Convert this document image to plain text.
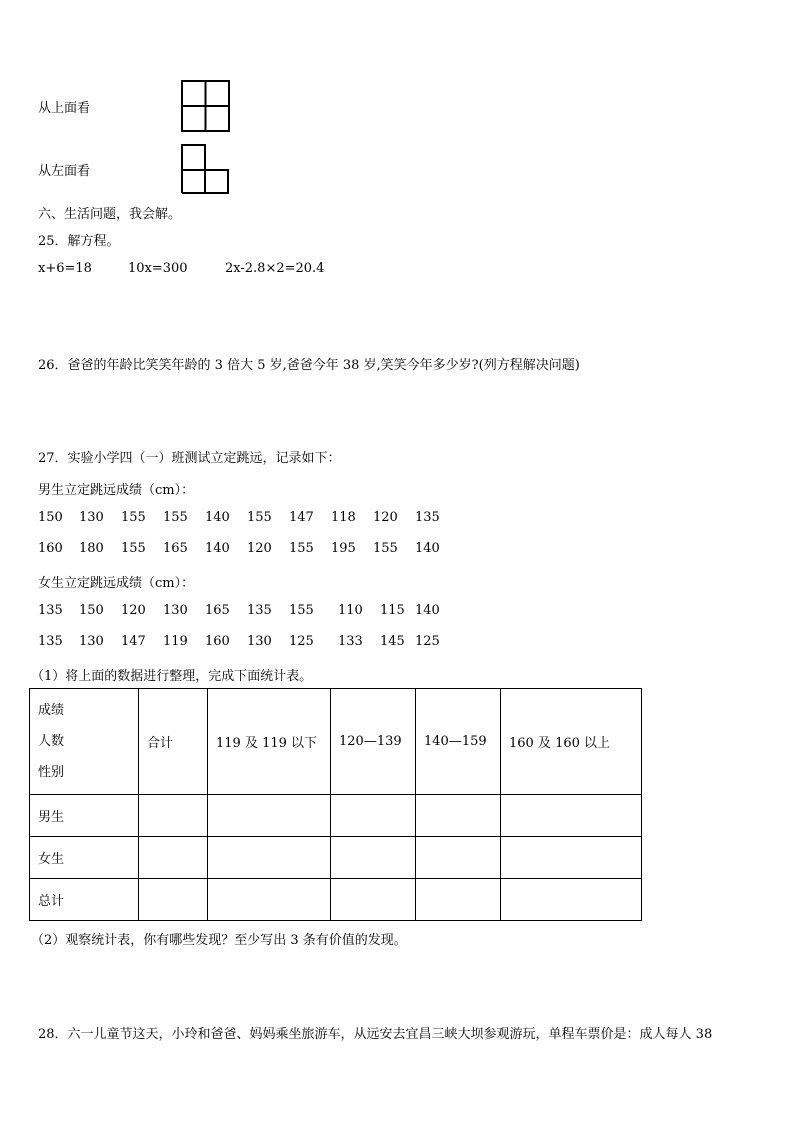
从上面看
从左面看
六、生活问题，我会解。
25．解方程。
x+6=18	10x=300	2x-2.8×2=20.4
26．爸爸的年龄比笑笑年龄的 3 倍大 5 岁,爸爸今年 38 岁,笑笑今年多少岁?(列方程解决问题)
27．实验小学四（一）班测试立定跳远，记录如下：
男生立定跳远成绩（cm）：
150 130 155 155 140 155 147 118 120 135
160 180 155 165 140 120 155 195 155 140
女生立定跳远成绩（cm）：
135 150 120 130 165 135 155 110 115 140
135 130 147 119 160 130 125 133 145 125
（1）将上面的数据进行整理，完成下面统计表。
成绩
人数
性别	合计	119 及 119 以下	120—139	140—159	160 及 160 以上
男生					
女生					
总计					
（2）观察统计表，你有哪些发现？至少写出 3 条有价值的发现。
28．六一儿童节这天，小玲和爸爸、妈妈乘坐旅游车，从远安去宜昌三峡大坝参观游玩，单程车票价是：成人每人 38
